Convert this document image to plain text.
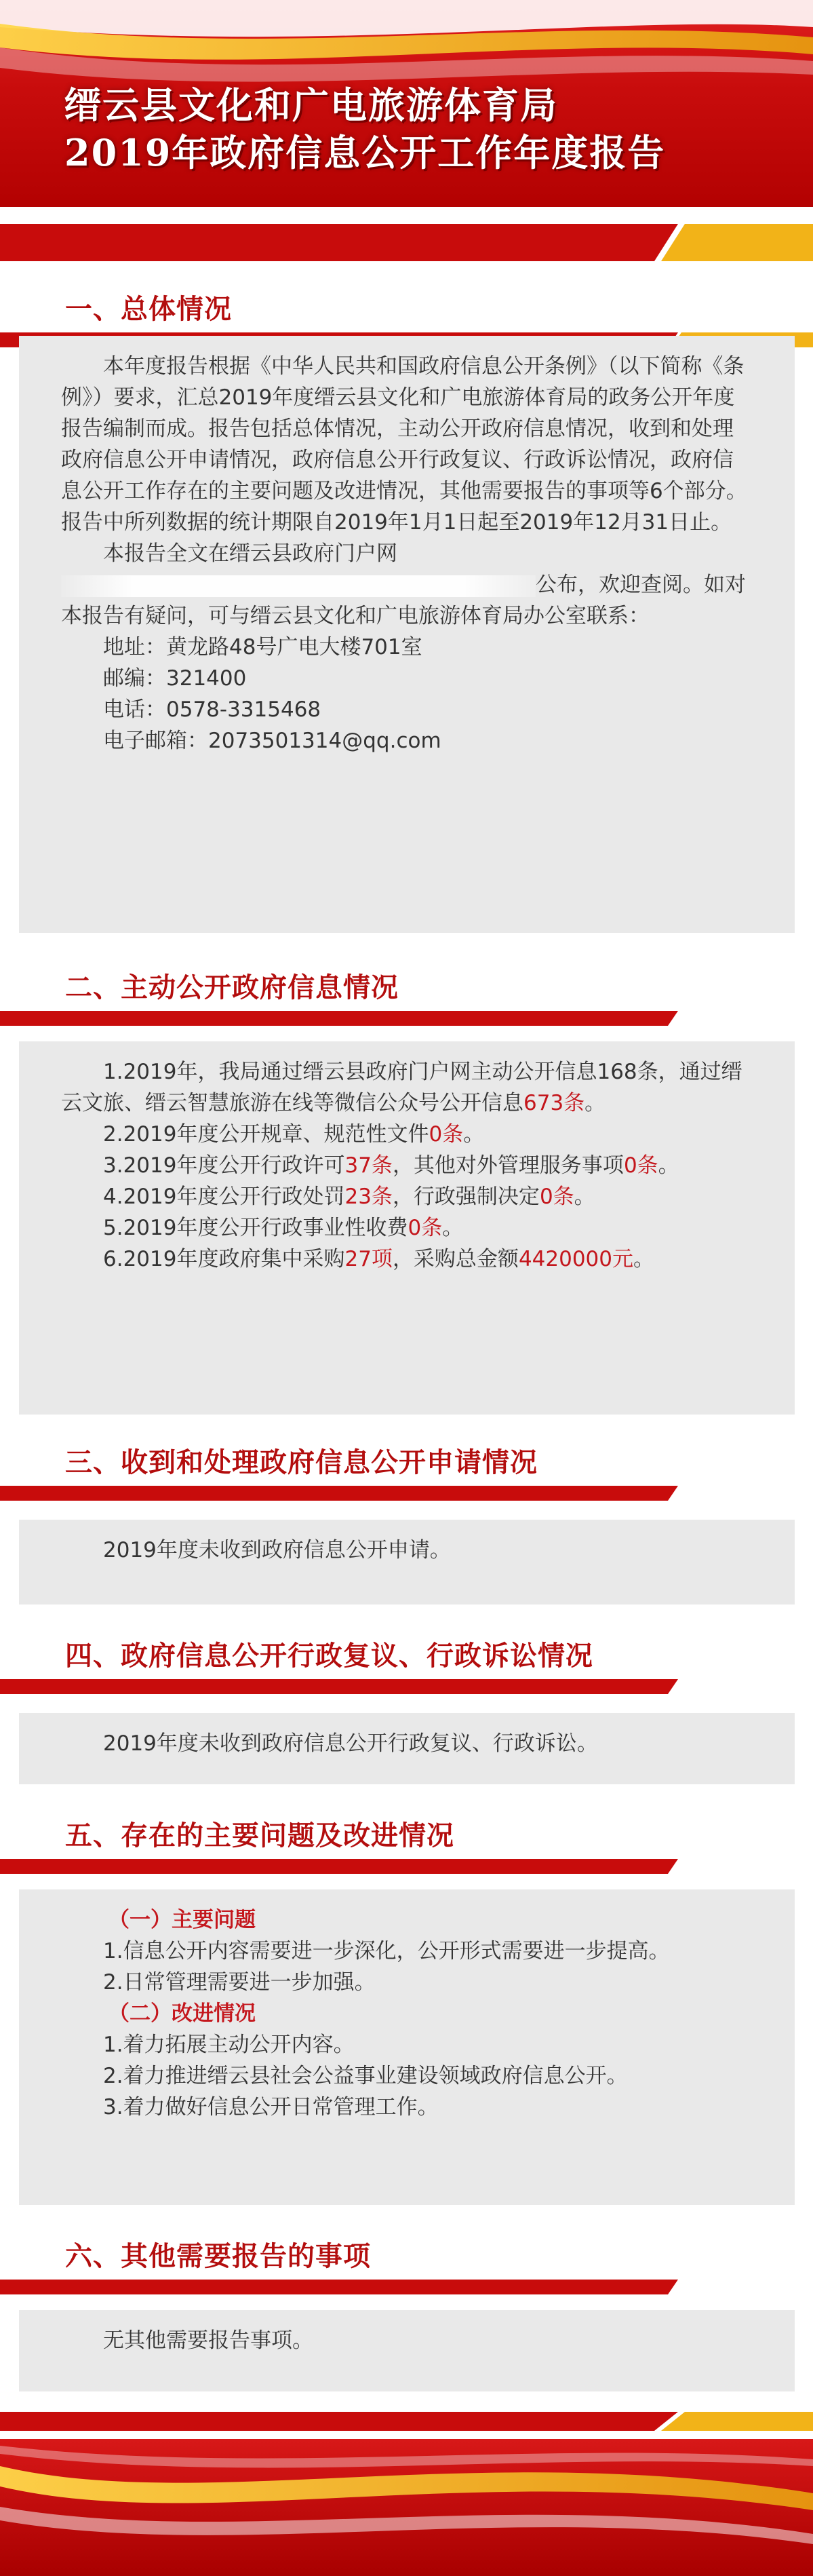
缙云县文化和广电旅游体育局
2019年政府信息公开工作年度报告
一、总体情况

本年度报告根据《中华人民共和国政府信息公开条例》（以下简称《条例》）要求，汇总2019年度缙云县文化和广电旅游体育局的政务公开年度报告编制而成。报告包括总体情况，主动公开政府信息情况，收到和处理政府信息公开申请情况，政府信息公开行政复议、行政诉讼情况，政府信息公开工作存在的主要问题及改进情况，其他需要报告的事项等6个部分。报告中所列数据的统计期限自2019年1月1日起至2019年12月31日止。

本报告全文在缙云县政府门户网
公布，欢迎查阅。如对本报告有疑问，可与缙云县文化和广电旅游体育局办公室联系：

地址：黄龙路48号广电大楼701室

邮编：321400

电话：0578-3315468

电子邮箱：2073501314@qq.com

二、主动公开政府信息情况

1.2019年，我局通过缙云县政府门户网主动公开信息168条，通过缙云文旅、缙云智慧旅游在线等微信公众号公开信息673条。

2.2019年度公开规章、规范性文件0条。

3.2019年度公开行政许可37条，其他对外管理服务事项0条。

4.2019年度公开行政处罚23条，行政强制决定0条。

5.2019年度公开行政事业性收费0条。

6.2019年度政府集中采购27项，采购总金额4420000元。

三、收到和处理政府信息公开申请情况

2019年度未收到政府信息公开申请。

四、政府信息公开行政复议、行政诉讼情况

2019年度未收到政府信息公开行政复议、行政诉讼。

五、存在的主要问题及改进情况

（一）主要问题

1.信息公开内容需要进一步深化，公开形式需要进一步提高。

2.日常管理需要进一步加强。

（二）改进情况

1.着力拓展主动公开内容。

2.着力推进缙云县社会公益事业建设领域政府信息公开。

3.着力做好信息公开日常管理工作。

六、其他需要报告的事项

无其他需要报告事项。
